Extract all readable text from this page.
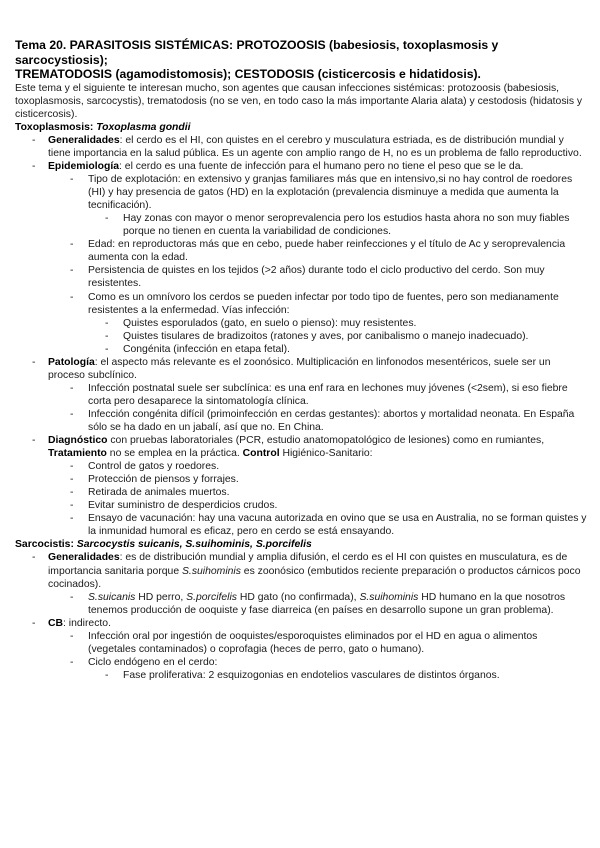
Tema 20. PARASITOSIS SISTÉMICAS: PROTOZOOSIS (babesiosis, toxoplasmosis y sarcocystiosis);
TREMATODOSIS (agamodistomosis); CESTODOSIS (cisticercosis e hidatidosis).

Este tema y el siguiente te interesan mucho, son agentes que causan infecciones sistémicas: protozoosis (babesiosis, toxoplasmosis, sarcocystis), trematodosis (no se ven, en todo caso la más importante Alaria alata) y cestodosis (hidatosis y cisticercosis).

Toxoplasmosis: Toxoplasma gondii

- Generalidades: el cerdo es el HI, con quistes en el cerebro y musculatura estriada, es de distribución mundial y tiene importancia en la salud pública. Es un agente con amplio rango de H, no es un problema de fallo reproductivo.
- Epidemiología: el cerdo es una fuente de infección para el humano pero no tiene el peso que se le da.
- Tipo de explotación: en extensivo y granjas familiares más que en intensivo,si no hay control de roedores (HI) y hay presencia de gatos (HD) en la explotación (prevalencia disminuye a medida que aumenta la tecnificación).
- Hay zonas con mayor o menor seroprevalencia pero los estudios hasta ahora no son muy fiables porque no tienen en cuenta la variabilidad de condiciones.
- Edad: en reproductoras más que en cebo, puede haber reinfecciones y el título de Ac y seroprevalencia aumenta con la edad.
- Persistencia de quistes en los tejidos (>2 años) durante todo el ciclo productivo del cerdo. Son muy resistentes.
- Como es un omnívoro los cerdos se pueden infectar por todo tipo de fuentes, pero son medianamente resistentes a la enfermedad. Vías infección:
- Quistes esporulados (gato, en suelo o pienso): muy resistentes.
- Quistes tisulares de bradizoitos (ratones y aves, por canibalismo o manejo inadecuado).
- Congénita (infección en etapa fetal).
- Patología: el aspecto más relevante es el zoonósico. Multiplicación en linfonodos mesentéricos, suele ser un proceso subclínico.
- Infección postnatal suele ser subclínica: es una enf rara en lechones muy jóvenes (<2sem), si eso fiebre corta pero desaparece la sintomatología clínica.
- Infección congénita difícil (primoinfección en cerdas gestantes): abortos y mortalidad neonata. En España sólo se ha dado en un jabalí, así que no. En China.
- Diagnóstico con pruebas laboratoriales (PCR, estudio anatomopatológico de lesiones) como en rumiantes, Tratamiento no se emplea en la práctica. Control Higiénico-Sanitario:
- Control de gatos y roedores.
- Protección de piensos y forrajes.
- Retirada de animales muertos.
- Evitar suministro de desperdicios crudos.
- Ensayo de vacunación: hay una vacuna autorizada en ovino que se usa en Australia, no se forman quistes y la inmunidad humoral es eficaz, pero en cerdo se está ensayando.

Sarcocistis: Sarcocystis suicanis, S.suihominis, S.porcifelis

- Generalidades: es de distribución mundial y amplia difusión, el cerdo es el HI con quistes en musculatura, es de importancia sanitaria porque S.suihominis es zoonósico (embutidos reciente preparación o productos cárnicos poco cocinados).
- S.suicanis HD perro, S.porcifelis HD gato (no confirmada), S.suihominis HD humano en la que nosotros tenemos producción de ooquiste y fase diarreica (en países en desarrollo supone un gran problema).
- CB: indirecto.
- Infección oral por ingestión de ooquistes/esporoquistes eliminados por el HD en agua o alimentos (vegetales contaminados) o coprofagia (heces de perro, gato o humano).
- Ciclo endógeno en el cerdo:
- Fase proliferativa: 2 esquizogonias en endotelios vasculares de distintos órganos.
